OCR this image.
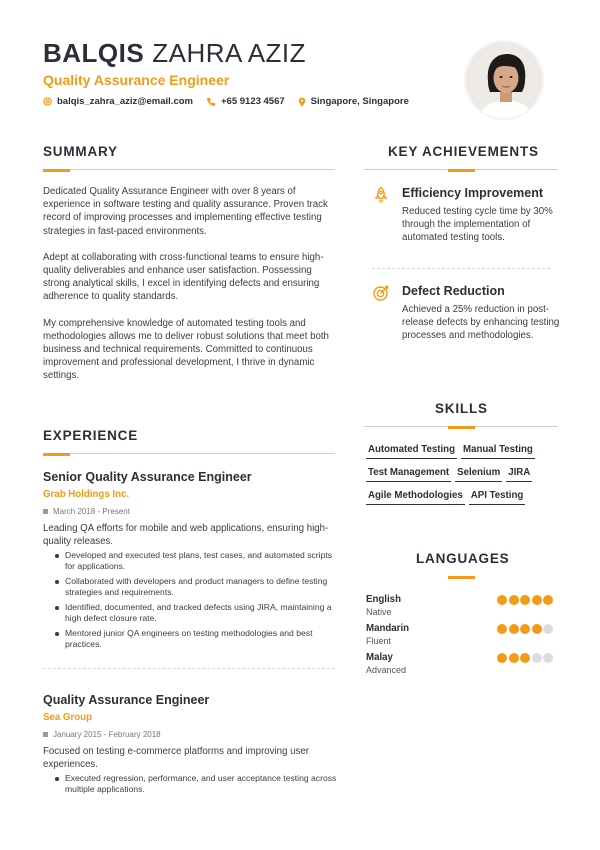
BALQIS ZAHRA AZIZ
Quality Assurance Engineer
balqis_zahra_aziz@email.com	+65 9123 4567	Singapore, Singapore
SUMMARY

Dedicated Quality Assurance Engineer with over 8 years of experience in software testing and quality assurance. Proven track record of improving processes and implementing effective testing strategies in fast-paced environments.

Adept at collaborating with cross-functional teams to ensure high-quality deliverables and enhance user satisfaction. Possessing strong analytical skills, I excel in identifying defects and ensuring adherence to quality standards.

My comprehensive knowledge of automated testing tools and methodologies allows me to deliver robust solutions that meet both business and technical requirements. Committed to continuous improvement and professional development, I thrive in dynamic settings.

EXPERIENCE
Senior Quality Assurance Engineer
Grab Holdings Inc.
March 2018 - Present
Leading QA efforts for mobile and web applications, ensuring high-quality releases.
Developed and executed test plans, test cases, and automated scripts for applications.
Collaborated with developers and product managers to define testing strategies and requirements.
Identified, documented, and tracked defects using JIRA, maintaining a high defect closure rate.
Mentored junior QA engineers on testing methodologies and best practices.
Quality Assurance Engineer
Sea Group
January 2015 - February 2018
Focused on testing e-commerce platforms and improving user experiences.
Executed regression, performance, and user acceptance testing across multiple applications.
KEY ACHIEVEMENTS
Efficiency Improvement
Reduced testing cycle time by 30% through the implementation of automated testing tools.
Defect Reduction
Achieved a 25% reduction in post-release defects by enhancing testing processes and methodologies.
SKILLS
Automated Testing Manual Testing
Test Management Selenium JIRA
Agile Methodologies API Testing
LANGUAGES
English
Native
Mandarin
Fluent
Malay
Advanced
